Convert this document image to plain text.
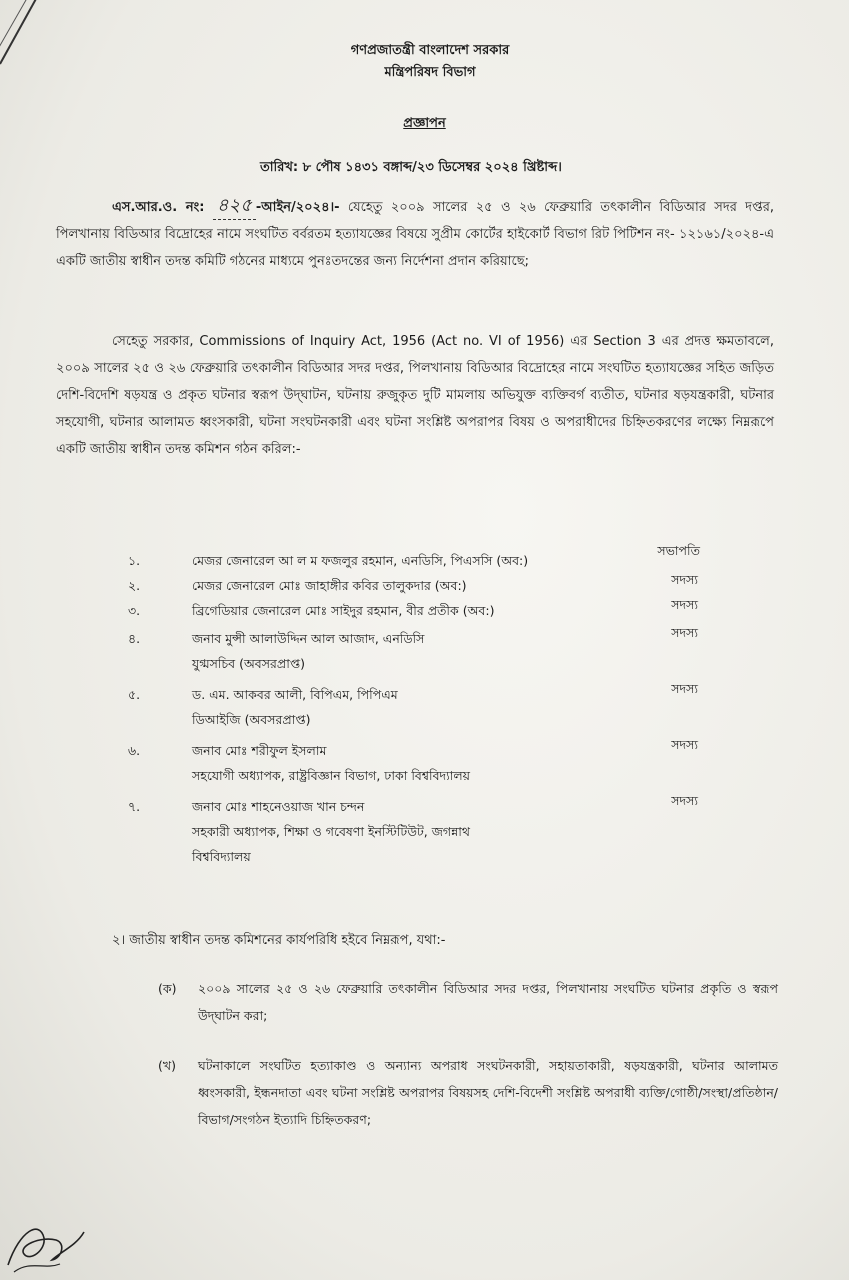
গণপ্রজাতন্ত্রী বাংলাদেশ সরকার
মন্ত্রিপরিষদ বিভাগ
প্রজ্ঞাপন
তারিখ: ৮ পৌষ ১৪৩১ বঙ্গাব্দ/২৩ ডিসেম্বর ২০২৪ খ্রিষ্টাব্দ।
এস.আর.ও. নং: ৪২৫ -আইন/২০২৪।- যেহেতু ২০০৯ সালের ২৫ ও ২৬ ফেব্রুয়ারি তৎকালীন বিডিআর সদর দপ্তর, পিলখানায় বিডিআর বিদ্রোহের নামে সংঘটিত বর্বরতম হত্যাযজ্ঞের বিষয়ে সুপ্রীম কোর্টের হাইকোর্ট বিভাগ রিট পিটিশন নং- ১২১৬১/২০২৪-এ একটি জাতীয় স্বাধীন তদন্ত কমিটি গঠনের মাধ্যমে পুনঃতদন্তের জন্য নির্দেশনা প্রদান করিয়াছে;
সেহেতু সরকার, Commissions of Inquiry Act, 1956 (Act no. VI of 1956) এর Section 3 এর প্রদত্ত ক্ষমতাবলে, ২০০৯ সালের ২৫ ও ২৬ ফেব্রুয়ারি তৎকালীন বিডিআর সদর দপ্তর, পিলখানায় বিডিআর বিদ্রোহের নামে সংঘটিত হত্যাযজ্ঞের সহিত জড়িত দেশি-বিদেশি ষড়যন্ত্র ও প্রকৃত ঘটনার স্বরূপ উদ্‌ঘাটন, ঘটনায় রুজুকৃত দুটি মামলায় অভিযুক্ত ব্যক্তিবর্গ ব্যতীত, ঘটনার ষড়যন্ত্রকারী, ঘটনার সহযোগী, ঘটনার আলামত ধ্বংসকারী, ঘটনা সংঘটনকারী এবং ঘটনা সংশ্লিষ্ট অপরাপর বিষয় ও অপরাধীদের চিহ্নিতকরণের লক্ষ্যে নিম্নরূপে একটি জাতীয় স্বাধীন তদন্ত কমিশন গঠন করিল:-
১.	মেজর জেনারেল আ ল ম ফজলুর রহমান, এনডিসি, পিএসসি (অব:)
সভাপতি
২.	মেজর জেনারেল মোঃ জাহাঙ্গীর কবির তালুকদার (অব:)	সদস্য
৩.	ব্রিগেডিয়ার জেনারেল মোঃ সাইদুর রহমান, বীর প্রতীক (অব:)	সদস্য
৪.	জনাব মুন্সী আলাউদ্দিন আল আজাদ, এনডিসি
যুগ্মসচিব (অবসরপ্রাপ্ত)
সদস্য
৫.	ড. এম. আকবর আলী, বিপিএম, পিপিএম
ডিআইজি (অবসরপ্রাপ্ত)
সদস্য
৬.	জনাব মোঃ শরীফুল ইসলাম
সহযোগী অধ্যাপক, রাষ্ট্রবিজ্ঞান বিভাগ, ঢাকা বিশ্ববিদ্যালয়
সদস্য
৭.	জনাব মোঃ শাহনেওয়াজ খান চন্দন
সহকারী অধ্যাপক, শিক্ষা ও গবেষণা ইনস্টিটিউট, জগন্নাথ
বিশ্ববিদ্যালয়
সদস্য
২। জাতীয় স্বাধীন তদন্ত কমিশনের কার্যপরিধি হইবে নিম্নরূপ, যথা:-
(ক)	২০০৯ সালের ২৫ ও ২৬ ফেব্রুয়ারি তৎকালীন বিডিআর সদর দপ্তর, পিলখানায় সংঘটিত ঘটনার প্রকৃতি ও স্বরূপ উদ্‌ঘাটন করা;
(খ)	ঘটনাকালে সংঘটিত হত্যাকাণ্ড ও অন্যান্য অপরাধ সংঘটনকারী, সহায়তাকারী, ষড়যন্ত্রকারী, ঘটনার আলামত ধ্বংসকারী, ইন্ধনদাতা এবং ঘটনা সংশ্লিষ্ট অপরাপর বিষয়সহ দেশি-বিদেশী সংশ্লিষ্ট অপরাধী ব্যক্তি/গোষ্ঠী/সংস্থা/প্রতিষ্ঠান/বিভাগ/সংগঠন ইত্যাদি চিহ্নিতকরণ;
